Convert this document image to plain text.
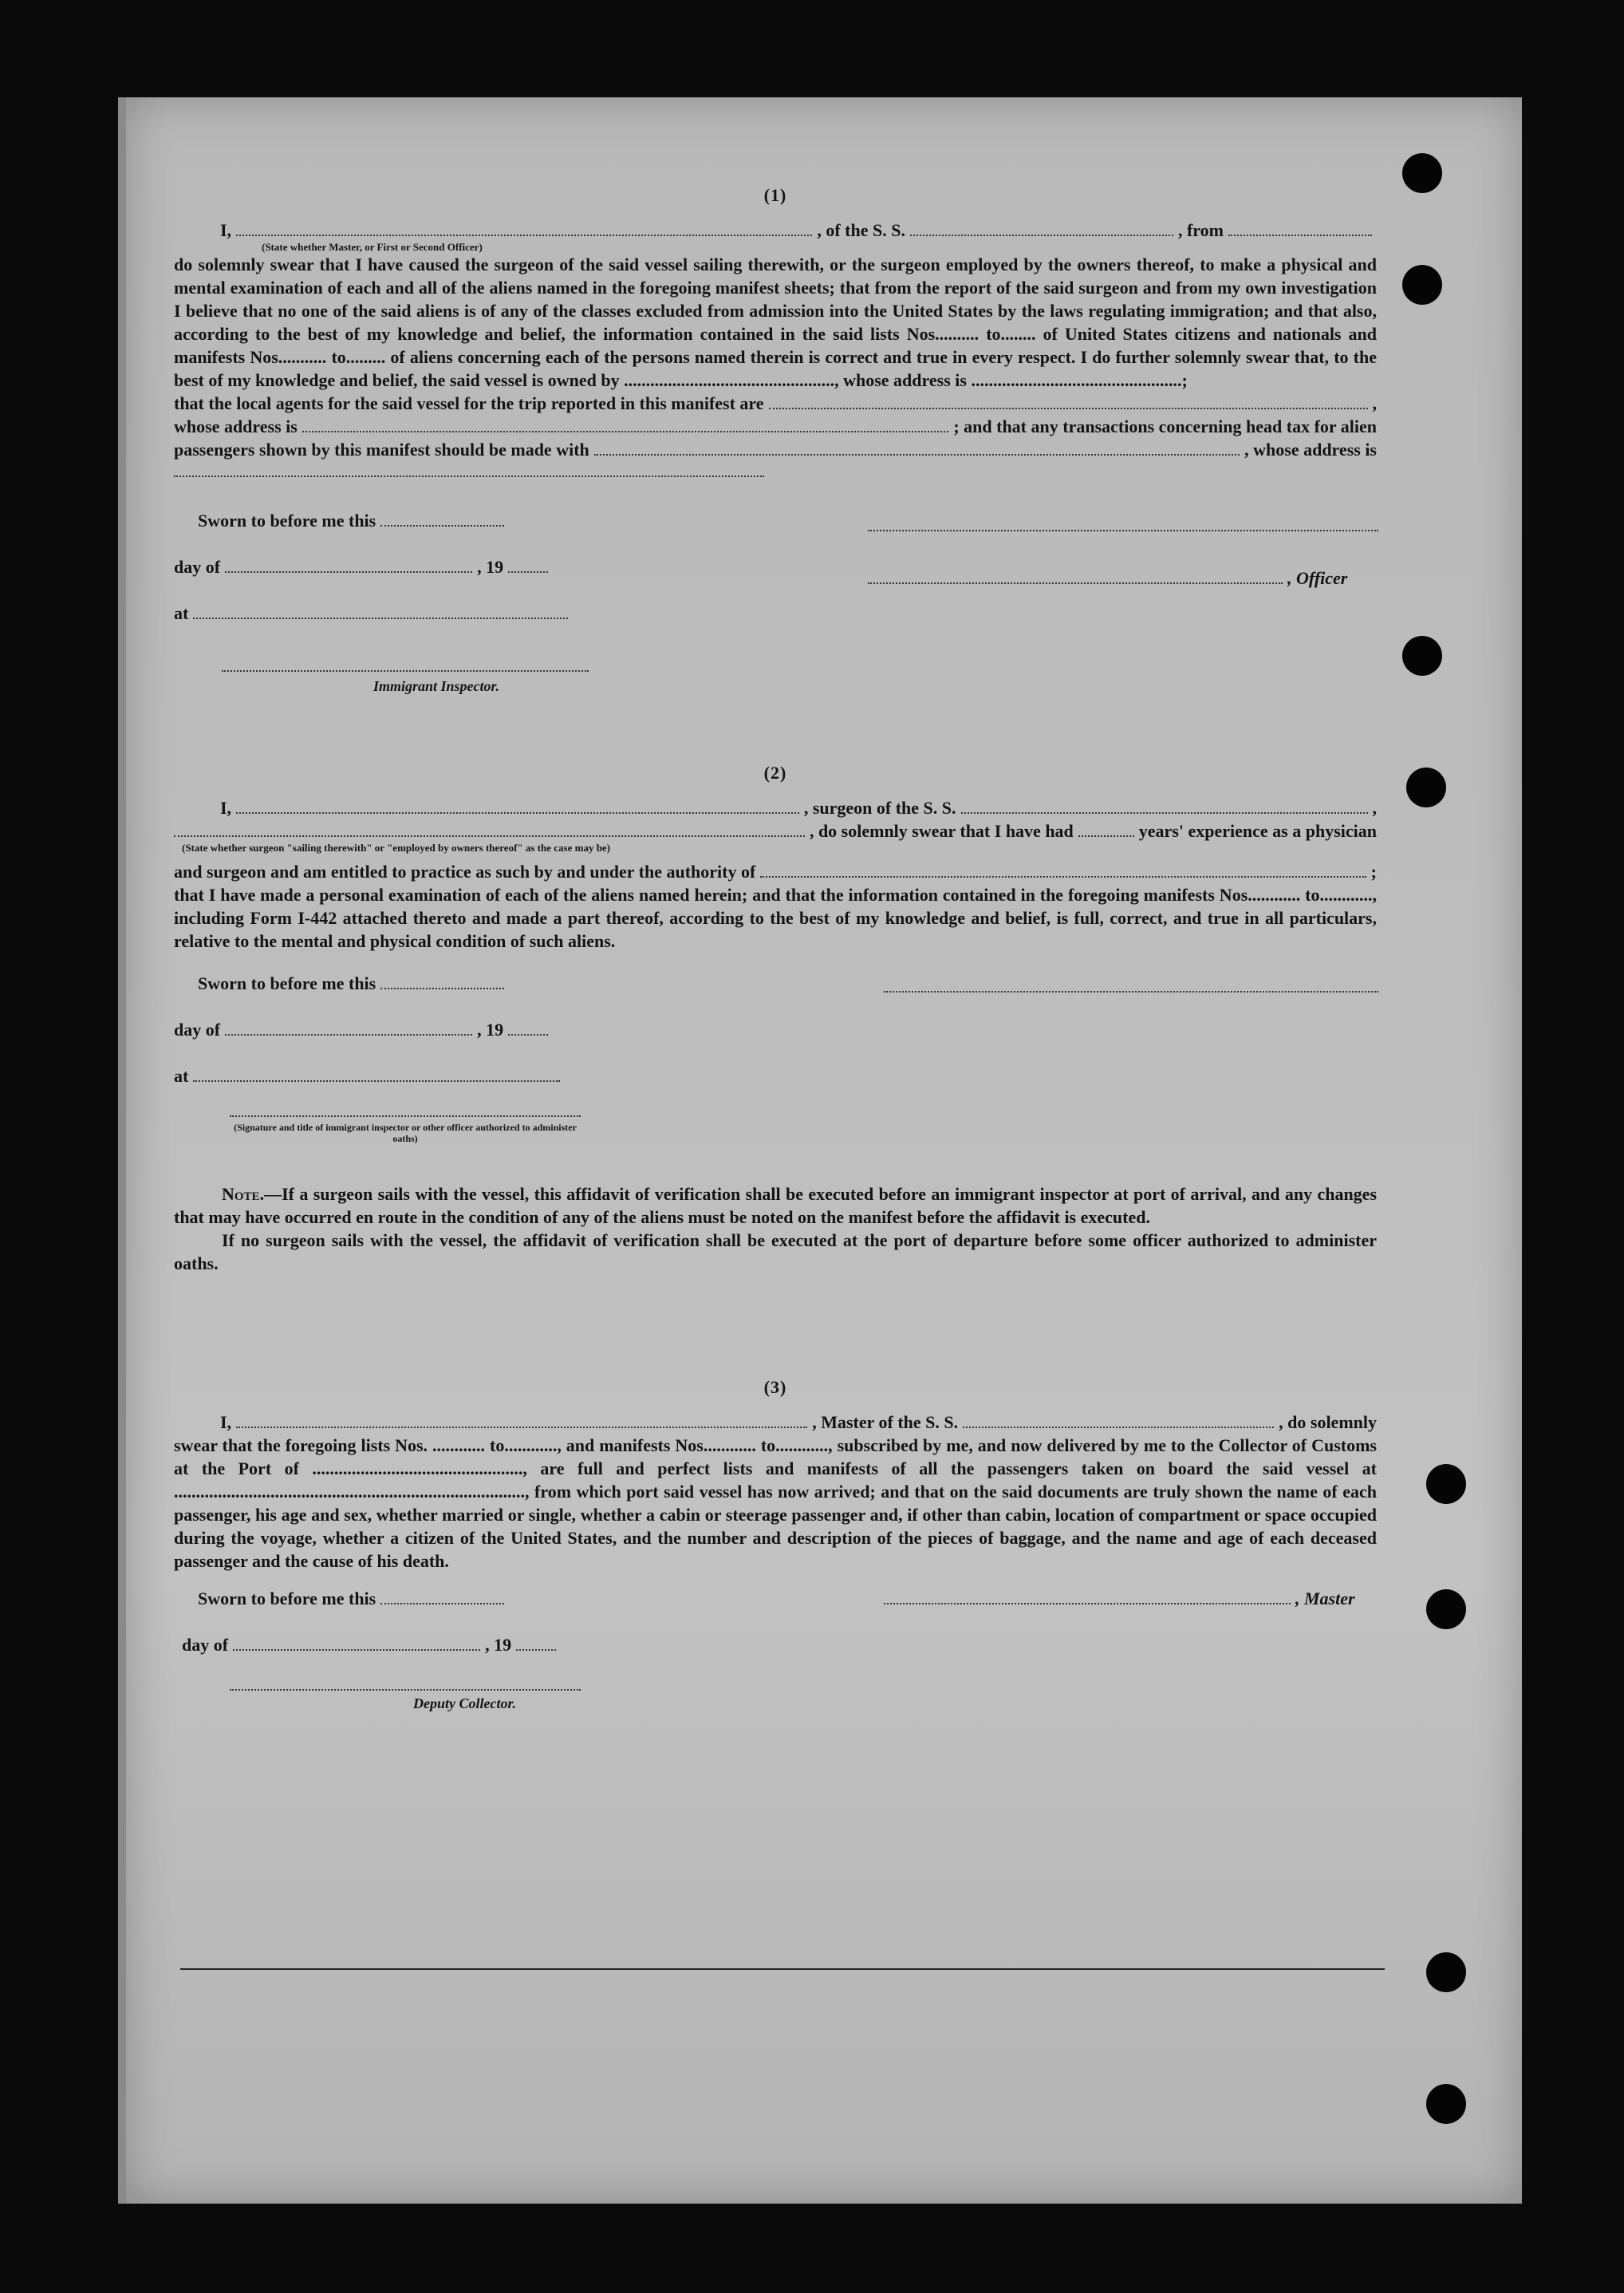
(1)
I,	, of the S. S.	, from
(State whether Master, or First or Second Officer)

do solemnly swear that I have caused the surgeon of the said vessel sailing therewith, or the surgeon employed by the owners thereof, to make a physical and mental examination of each and all of the aliens named in the foregoing manifest sheets; that from the report of the said surgeon and from my own investigation I believe that no one of the said aliens is of any of the classes excluded from admission into the United States by the laws regulating immigration; and that also, according to the best of my knowledge and belief, the information contained in the said lists Nos.......... to........ of United States citizens and nationals and manifests Nos........... to......... of aliens concerning each of the persons named therein is correct and true in every respect. I do further solemnly swear that, to the best of my knowledge and belief, the said vessel is owned by ................................................, whose address is ................................................;

that the local agents for the said vessel for the trip reported in this manifest are	,
whose address is	; and that any transactions concerning head tax for alien
passengers shown by this manifest should be made with	, whose address is
Sworn to before me this
day of	, 19
, Officer
at
Immigrant Inspector.
(2)
I,	, surgeon of the S. S.	,
, do solemnly swear that I have had	years' experience as a physician
(State whether surgeon "sailing therewith" or "employed by owners thereof" as the case may be)
and surgeon and am entitled to practice as such by and under the authority of	;

that I have made a personal examination of each of the aliens named herein; and that the information contained in the foregoing manifests Nos............ to............, including Form I-442 attached thereto and made a part thereof, according to the best of my knowledge and belief, is full, correct, and true in all particulars, relative to the mental and physical condition of such aliens.

Sworn to before me this
day of	, 19
at
(Signature and title of immigrant inspector or other officer authorized to administer oaths)

Note.—If a surgeon sails with the vessel, this affidavit of verification shall be executed before an immigrant inspector at port of arrival, and any changes that may have occurred en route in the condition of any of the aliens must be noted on the manifest before the affidavit is executed.

If no surgeon sails with the vessel, the affidavit of verification shall be executed at the port of departure before some officer authorized to administer oaths.

(3)
I,	, Master of the S. S.	, do solemnly

swear that the foregoing lists Nos. ............ to............, and manifests Nos............ to............, subscribed by me, and now delivered by me to the Collector of Customs at the Port of ................................................, are full and perfect lists and manifests of all the passengers taken on board the said vessel at ................................................................................, from which port said vessel has now arrived; and that on the said documents are truly shown the name of each passenger, his age and sex, whether married or single, whether a cabin or steerage passenger and, if other than cabin, location of compartment or space occupied during the voyage, whether a citizen of the United States, and the number and description of the pieces of baggage, and the name and age of each deceased passenger and the cause of his death.

Sworn to before me this	, Master
day of	, 19
Deputy Collector.
